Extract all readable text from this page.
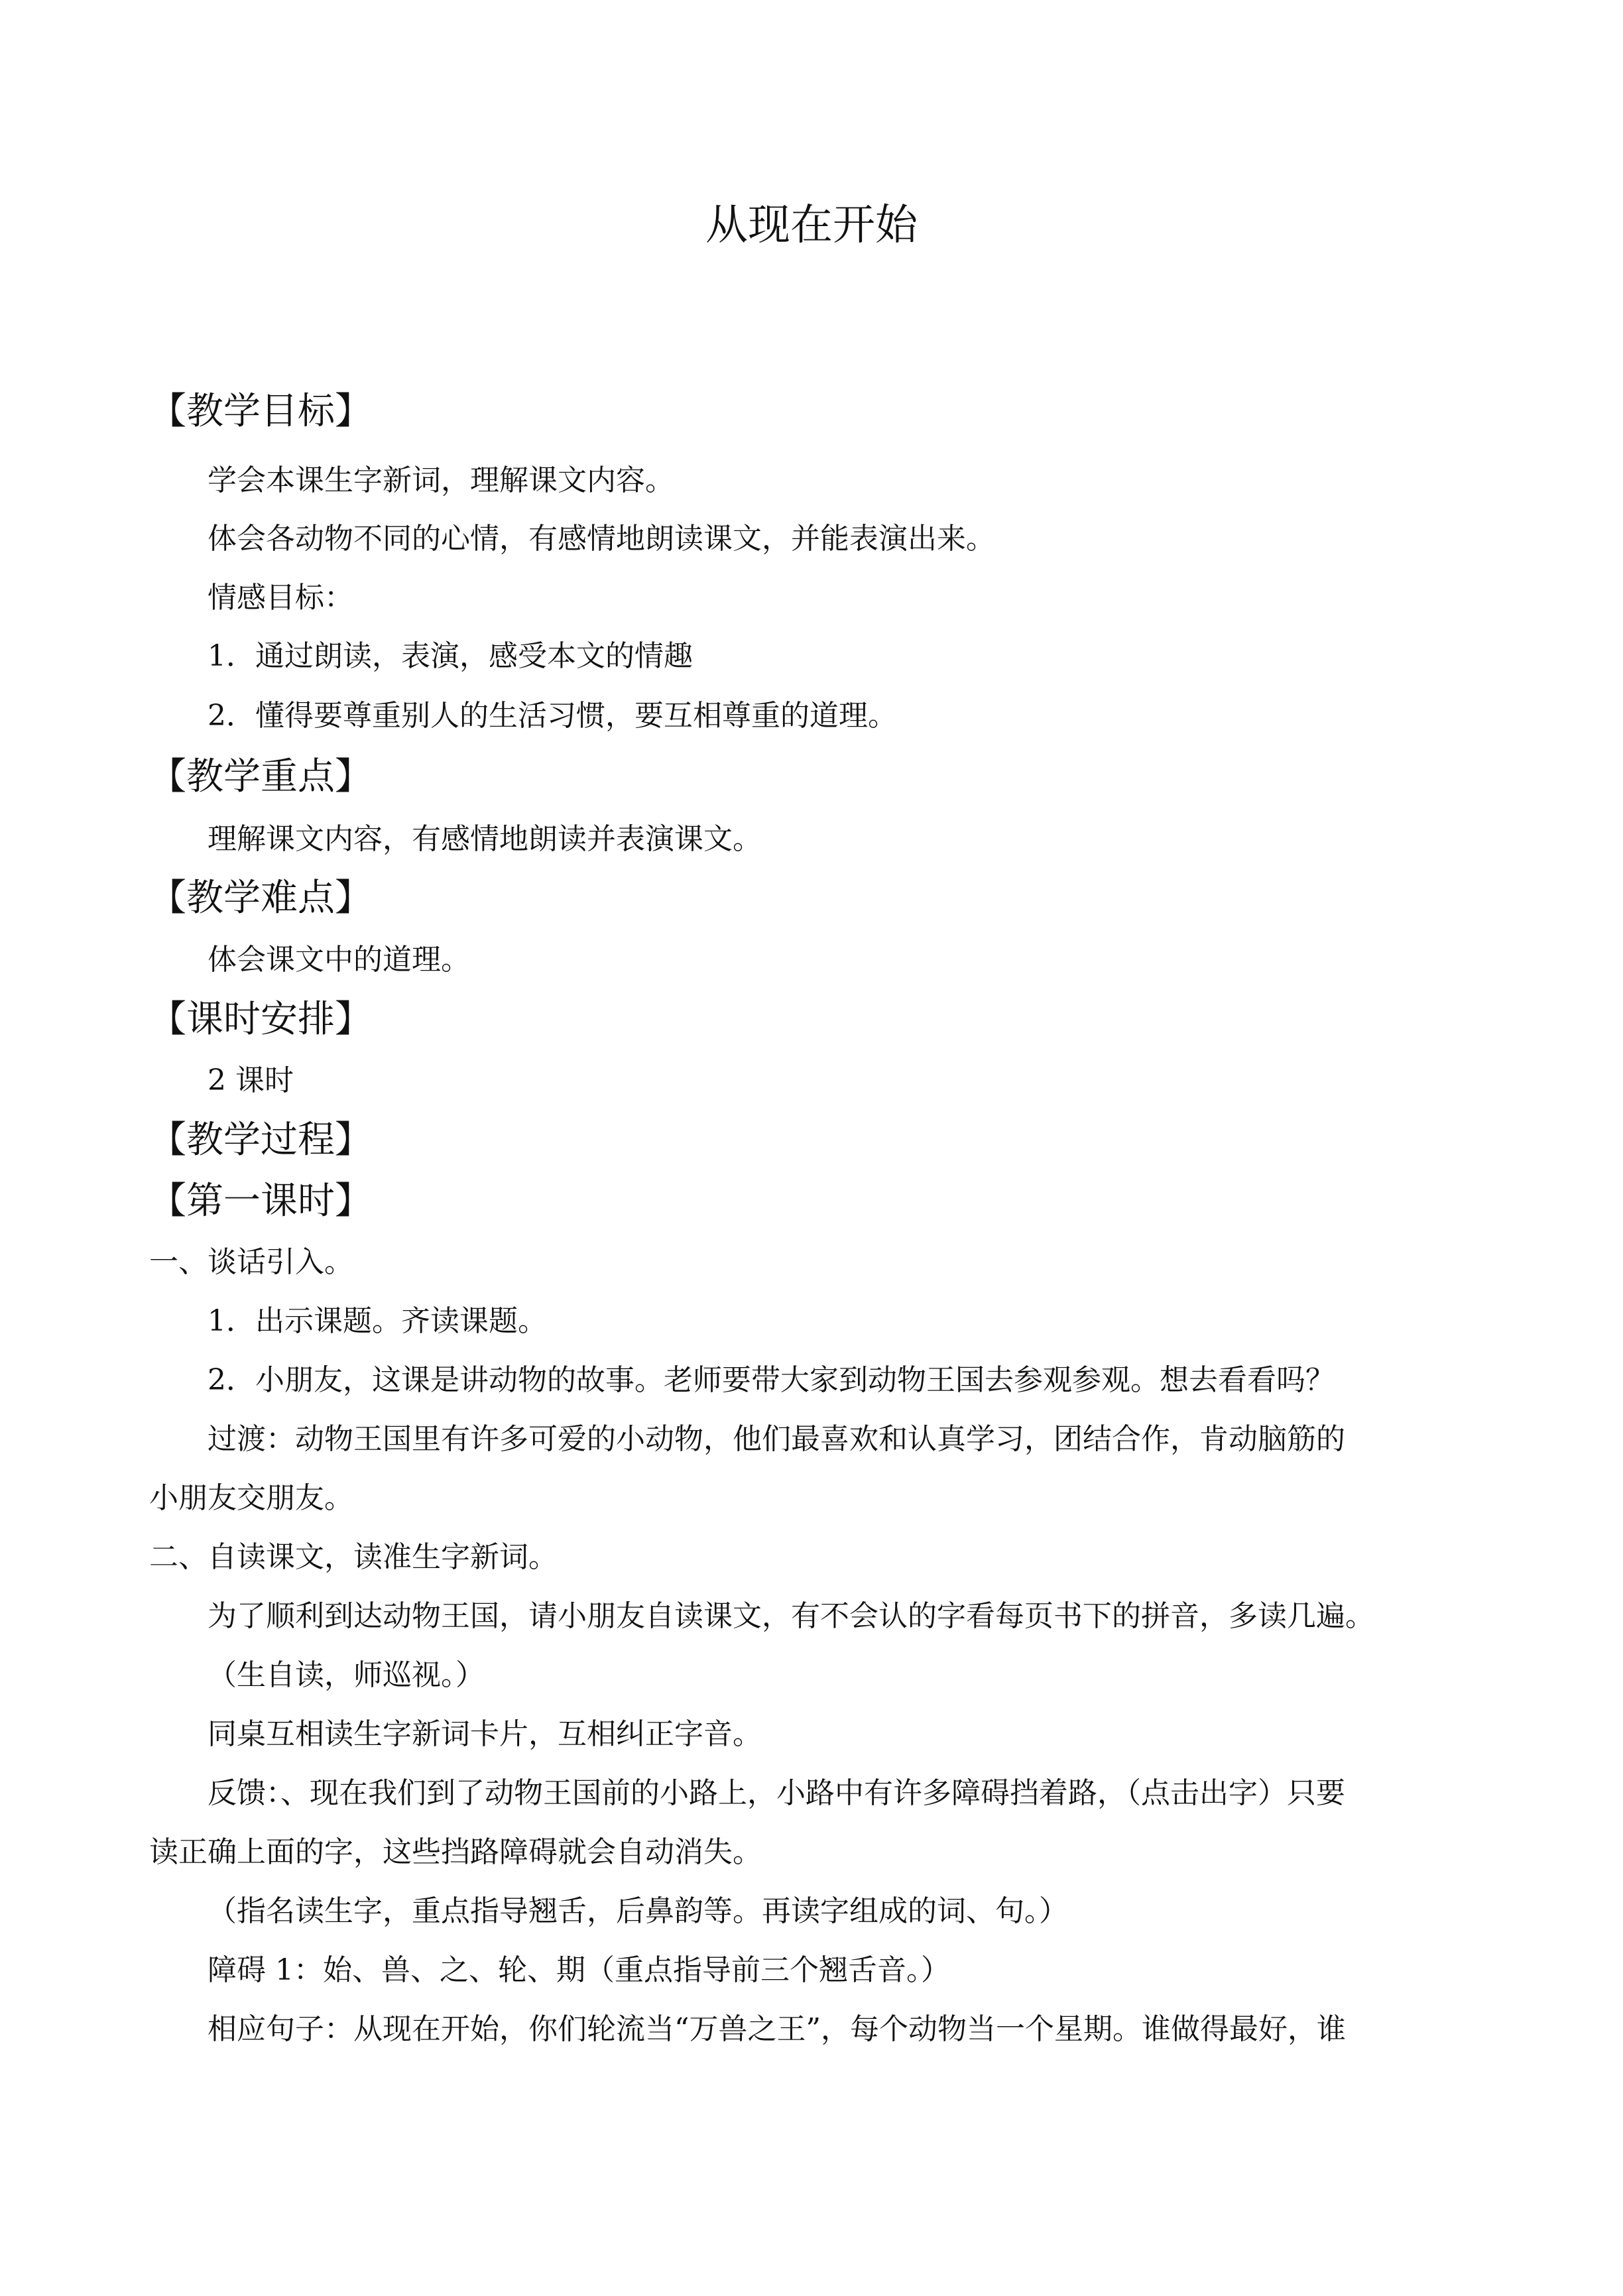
从现在开始
【教学目标】
学会本课生字新词，理解课文内容。
体会各动物不同的心情，有感情地朗读课文，并能表演出来。
情感目标：
1．通过朗读，表演，感受本文的情趣
2．懂得要尊重别人的生活习惯，要互相尊重的道理。
【教学重点】
理解课文内容，有感情地朗读并表演课文。
【教学难点】
体会课文中的道理。
【课时安排】
2 课时
【教学过程】
【第一课时】
一、谈话引入。
1．出示课题。齐读课题。
2．小朋友，这课是讲动物的故事。老师要带大家到动物王国去参观参观。想去看看吗？
过渡：动物王国里有许多可爱的小动物，他们最喜欢和认真学习，团结合作，肯动脑筋的
小朋友交朋友。
二、自读课文，读准生字新词。
为了顺利到达动物王国，请小朋友自读课文，有不会认的字看每页书下的拼音，多读几遍。
（生自读，师巡视。）
同桌互相读生字新词卡片，互相纠正字音。
反馈：、现在我们到了动物王国前的小路上，小路中有许多障碍挡着路，（点击出字）只要
读正确上面的字，这些挡路障碍就会自动消失。
（指名读生字，重点指导翘舌，后鼻韵等。再读字组成的词、句。）
障碍 1：始、兽、之、轮、期（重点指导前三个翘舌音。）
相应句子：从现在开始，你们轮流当“万兽之王”，每个动物当一个星期。谁做得最好，谁
